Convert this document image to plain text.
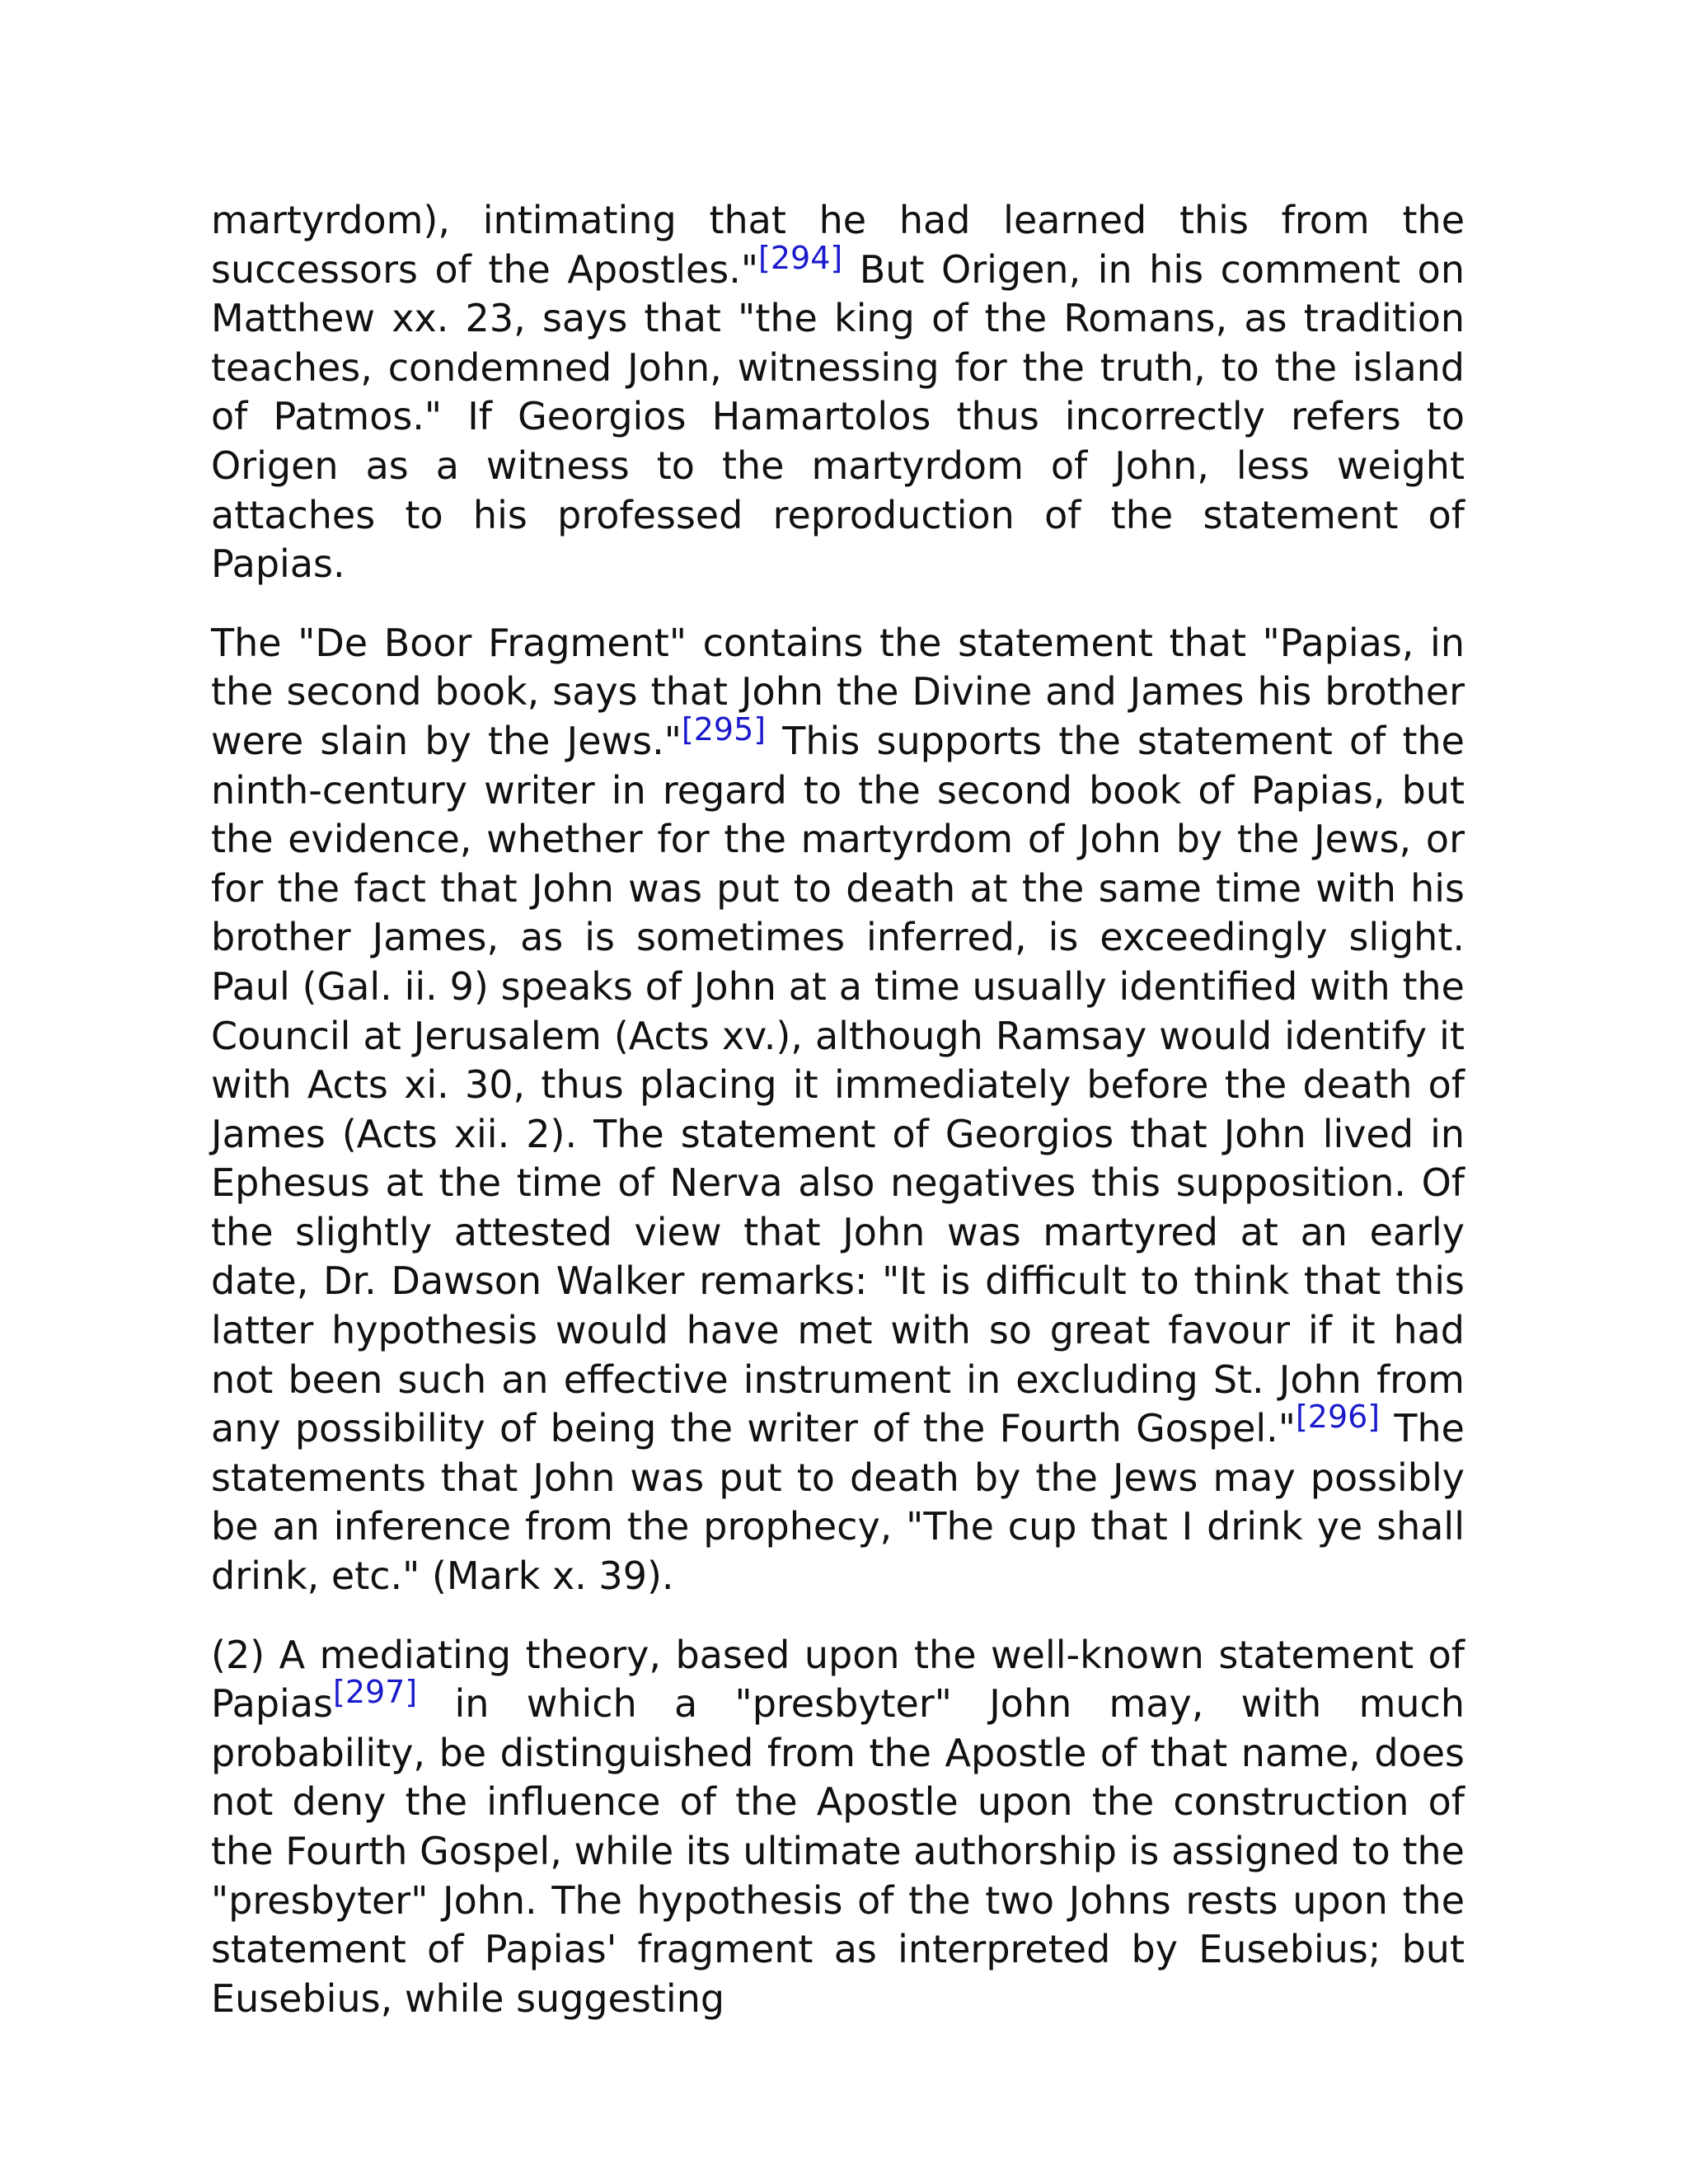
martyrdom), intimating that he had learned this from the successors of the Apostles."[294] But Origen, in his comment on Matthew xx. 23, says that "the king of the Romans, as tradition teaches, condemned John, witnessing for the truth, to the island of Patmos." If Georgios Hamartolos thus incorrectly refers to Origen as a witness to the martyrdom of John, less weight attaches to his professed reproduction of the statement of Papias.

The "De Boor Fragment" contains the statement that "Papias, in the second book, says that John the Divine and James his brother were slain by the Jews."[295] This supports the statement of the ninth-century writer in regard to the second book of Papias, but the evidence, whether for the martyrdom of John by the Jews, or for the fact that John was put to death at the same time with his brother James, as is sometimes inferred, is exceedingly slight. Paul (Gal. ii. 9) speaks of John at a time usually identified with the Council at Jerusalem (Acts xv.), although Ramsay would identify it with Acts xi. 30, thus placing it immediately before the death of James (Acts xii. 2). The statement of Georgios that John lived in Ephesus at the time of Nerva also negatives this supposition. Of the slightly attested view that John was martyred at an early date, Dr. Dawson Walker remarks: "It is difficult to think that this latter hypothesis would have met with so great favour if it had not been such an effective instrument in excluding St. John from any possibility of being the writer of the Fourth Gospel."[296] The statements that John was put to death by the Jews may possibly be an inference from the prophecy, "The cup that I drink ye shall drink, etc." (Mark x. 39).

(2) A mediating theory, based upon the well-known statement of Papias[297] in which a "presbyter" John may, with much probability, be distinguished from the Apostle of that name, does not deny the influence of the Apostle upon the construction of the Fourth Gospel, while its ultimate authorship is assigned to the "presbyter" John. The hypothesis of the two Johns rests upon the statement of Papias' fragment as interpreted by Eusebius; but Eusebius, while suggesting
